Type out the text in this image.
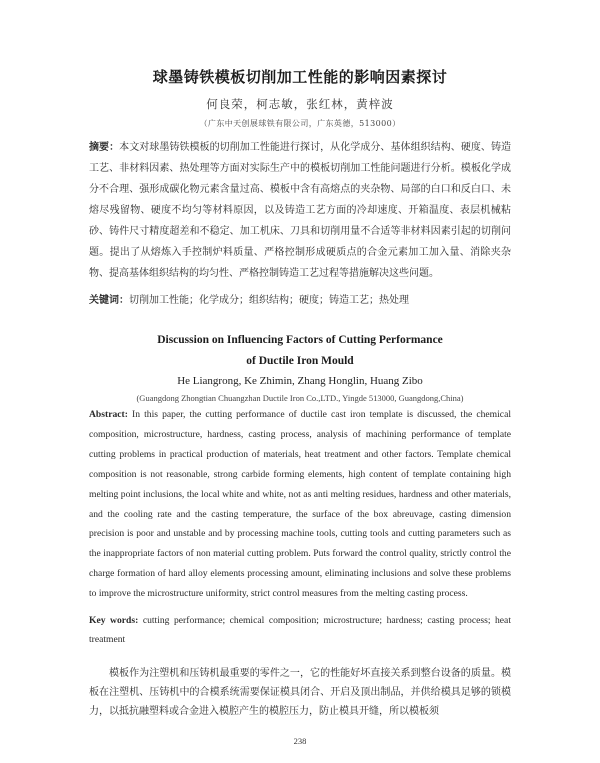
球墨铸铁模板切削加工性能的影响因素探讨
何良荣，柯志敏，张红林，黄梓波
（广东中天创展球铁有限公司，广东英德，513000）
摘要：本文对球墨铸铁模板的切削加工性能进行探讨，从化学成分、基体组织结构、硬度、铸造工艺、非材料因素、热处理等方面对实际生产中的模板切削加工性能问题进行分析。模板化学成分不合理、强形成碳化物元素含量过高、模板中含有高熔点的夹杂物、局部的白口和反白口、未熔尽残留物、硬度不均匀等材料原因，以及铸造工艺方面的冷却速度、开箱温度、表层机械粘砂、铸件尺寸精度超差和不稳定、加工机床、刀具和切削用量不合适等非材料因素引起的切削问题。提出了从熔炼入手控制炉料质量、严格控制形成硬质点的合金元素加工加入量、消除夹杂物、提高基体组织结构的均匀性、严格控制铸造工艺过程等措施解决这些问题。
关键词：切削加工性能；化学成分；组织结构；硬度；铸造工艺；热处理
Discussion on Influencing Factors of Cutting Performance
of Ductile Iron Mould
He Liangrong, Ke Zhimin, Zhang Honglin, Huang Zibo
(Guangdong Zhongtian Chuangzhan Ductile Iron Co.,LTD., Yingde 513000, Guangdong,China)
Abstract: In this paper, the cutting performance of ductile cast iron template is discussed, the chemical composition, microstructure, hardness, casting process, analysis of machining performance of template cutting problems in practical production of materials, heat treatment and other factors. Template chemical composition is not reasonable, strong carbide forming elements, high content of template containing high melting point inclusions, the local white and white, not as anti melting residues, hardness and other materials, and the cooling rate and the casting temperature, the surface of the box abreuvage, casting dimension precision is poor and unstable and by processing machine tools, cutting tools and cutting parameters such as the inappropriate factors of non material cutting problem. Puts forward the control quality, strictly control the charge formation of hard alloy elements processing amount, eliminating inclusions and solve these problems to improve the microstructure uniformity, strict control measures from the melting casting process.
Key words: cutting performance; chemical composition; microstructure; hardness; casting process; heat treatment
模板作为注塑机和压铸机最重要的零件之一，它的性能好坏直接关系到整台设备的质量。模板在注塑机、压铸机中的合模系统需要保证模具闭合、开启及顶出制品，并供给模具足够的锁模力，以抵抗融塑料或合金进入模腔产生的模腔压力，防止模具开缝，所以模板须
238
